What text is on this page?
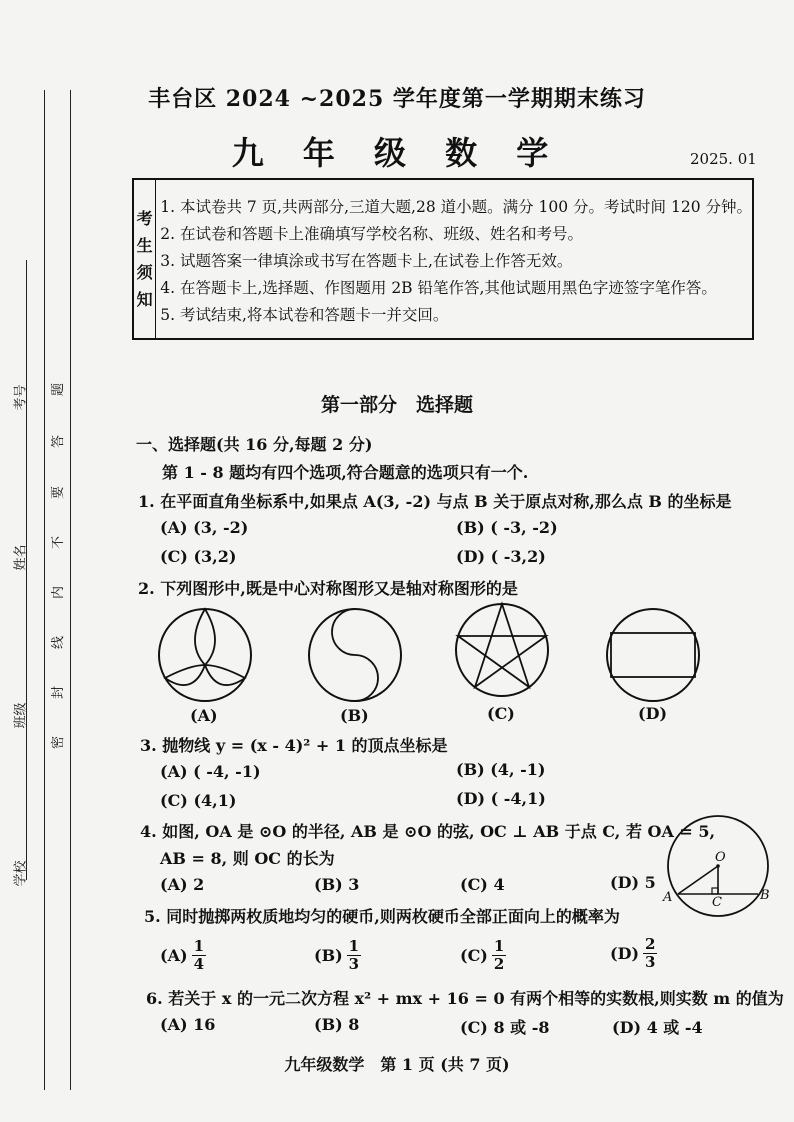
考号
姓名
班级
学校
题
答
要
不
内
线
封
密
丰台区 2024 ~2025 学年度第一学期期末练习
九 年 级 数 学	2025. 01
考
生
须
知
1. 本试卷共 7 页,共两部分,三道大题,28 道小题。满分 100 分。考试时间 120 分钟。
2. 在试卷和答题卡上准确填写学校名称、班级、姓名和考号。
3. 试题答案一律填涂或书写在答题卡上,在试卷上作答无效。
4. 在答题卡上,选择题、作图题用 2B 铅笔作答,其他试题用黑色字迹签字笔作答。
5. 考试结束,将本试卷和答题卡一并交回。
第一部分　选择题
一、选择题(共 16 分,每题 2 分)
第 1 - 8 题均有四个选项,符合题意的选项只有一个.
1. 在平面直角坐标系中,如果点 A(3, -2) 与点 B 关于原点对称,那么点 B 的坐标是
(A) (3, -2)	(B) ( -3, -2)
(C) (3,2)	(D) ( -3,2)
2. 下列图形中,既是中心对称图形又是轴对称图形的是
(A)	(B)	(C)	(D)
3. 抛物线 y = (x - 4)² + 1 的顶点坐标是
(A) ( -4, -1)	(B) (4, -1)
(C) (4,1)	(D) ( -4,1)
4. 如图, OA 是 ⊙O 的半径, AB 是 ⊙O 的弦, OC ⊥ AB 于点 C, 若 OA = 5,
AB = 8, 则 OC 的长为
(A) 2	(B) 3	(C) 4	(D) 5
O
A	B
C
5. 同时抛掷两枚质地均匀的硬币,则两枚硬币全部正面向上的概率为
$(A) \frac{1}{4}$	$(B) \frac{1}{3}$	$(C) \frac{1}{2}$	$(D) \frac{2}{3}$
6. 若关于 x 的一元二次方程 x² + mx + 16 = 0 有两个相等的实数根,则实数 m 的值为
(A) 16	(B) 8	(C) 8 或 -8	(D) 4 或 -4
九年级数学　第 1 页 (共 7 页)
